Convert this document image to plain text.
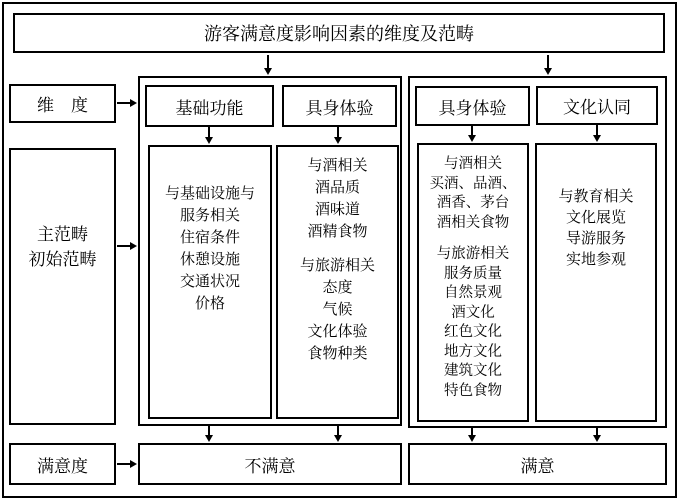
游客满意度影响因素的维度及范畴
维　度
主范畴
初始范畴
满意度
基础功能	具身体验	具身体验	文化认同
与基础设施与
服务相关
住宿条件
休憩设施
交通状况
价格
与酒相关
酒品质
酒味道
酒精食物
与旅游相关
态度
气候
文化体验
食物种类
与酒相关
买酒、品酒、
酒香、茅台
酒相关食物
与旅游相关
服务质量
自然景观
酒文化
红色文化
地方文化
建筑文化
特色食物
与教育相关
文化展览
导游服务
实地参观
不满意	满意
